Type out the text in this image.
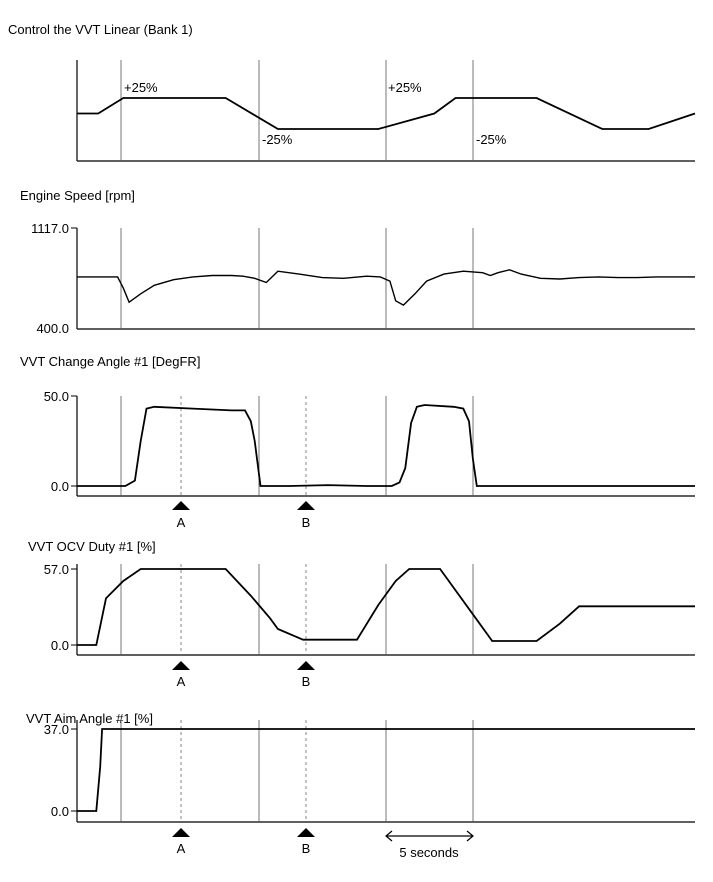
Control the VVT Linear (Bank 1)
+25%
-25%
+25%
-25%
Engine Speed [rpm]
1117.0
400.0
VVT Change Angle #1 [DegFR]
50.0
0.0
A	B
VVT OCV Duty #1 [%]
57.0
0.0
A	B
VVT Aim Angle #1 [%]
37.0
0.0
A	B	5 seconds
